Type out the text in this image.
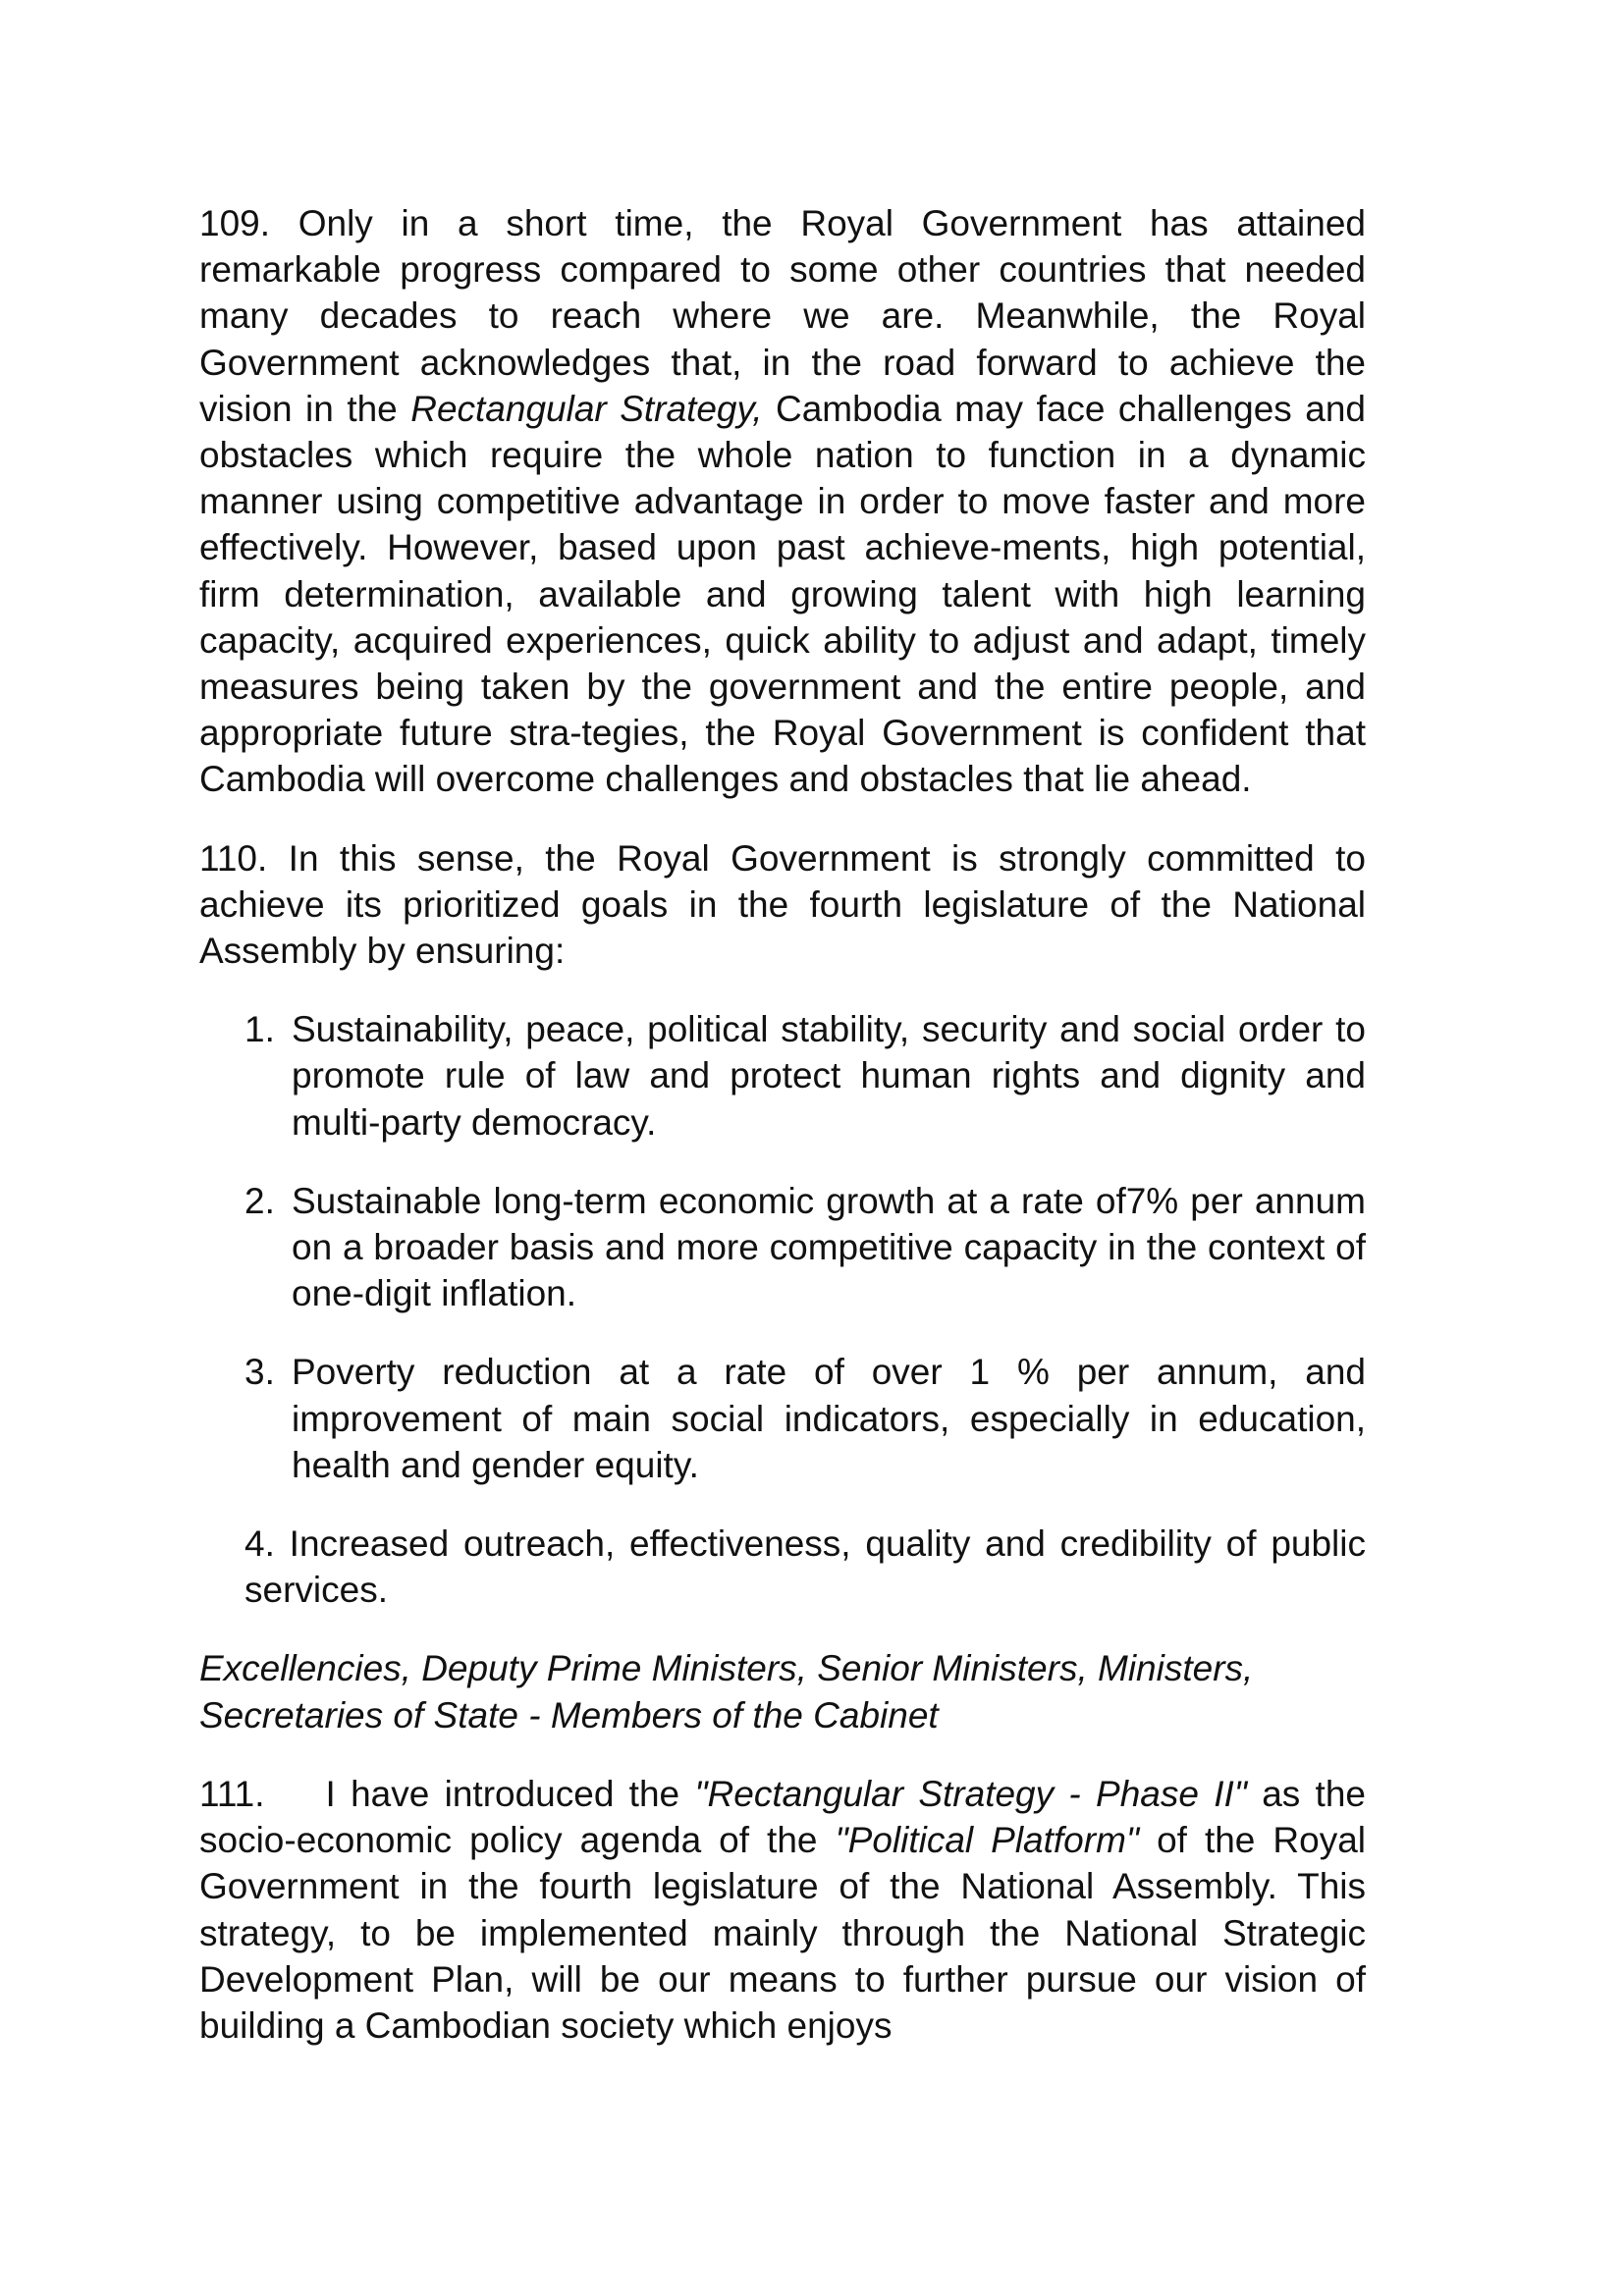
109. Only in a short time, the Royal Government has attained remarkable progress compared to some other countries that needed many decades to reach where we are. Meanwhile, the Royal Government acknowledges that, in the road forward to achieve the vision in the Rectangular Strategy, Cambodia may face challenges and obstacles which require the whole nation to function in a dynamic manner using competitive advantage in order to move faster and more effectively. However, based upon past achieve-ments, high potential, firm determination, available and growing talent with high learning capacity, acquired experiences, quick ability to adjust and adapt, timely measures being taken by the government and the entire people, and appropriate future stra-tegies, the Royal Government is confident that Cambodia will overcome challenges and obstacles that lie ahead.

110. In this sense, the Royal Government is strongly committed to achieve its prioritized goals in the fourth legislature of the National Assembly by ensuring:

1. Sustainability, peace, political stability, security and social order to promote rule of law and protect human rights and dignity and multi-party democracy.
2. Sustainable long-term economic growth at a rate of7% per annum on a broader basis and more competitive capacity in the context of one-digit inflation.
3. Poverty reduction at a rate of over 1 % per annum, and improvement of main social indicators, especially in education, health and gender equity.
4. Increased outreach, effectiveness, quality and credibility of public services.

Excellencies, Deputy Prime Ministers, Senior Ministers, Ministers,
Secretaries of State - Members of the Cabinet

111. I have introduced the "Rectangular Strategy - Phase II" as the socio-economic policy agenda of the "Political Platform" of the Royal Government in the fourth legislature of the National Assembly. This strategy, to be implemented mainly through the National Strategic Development Plan, will be our means to further pursue our vision of building a Cambodian society which enjoys
